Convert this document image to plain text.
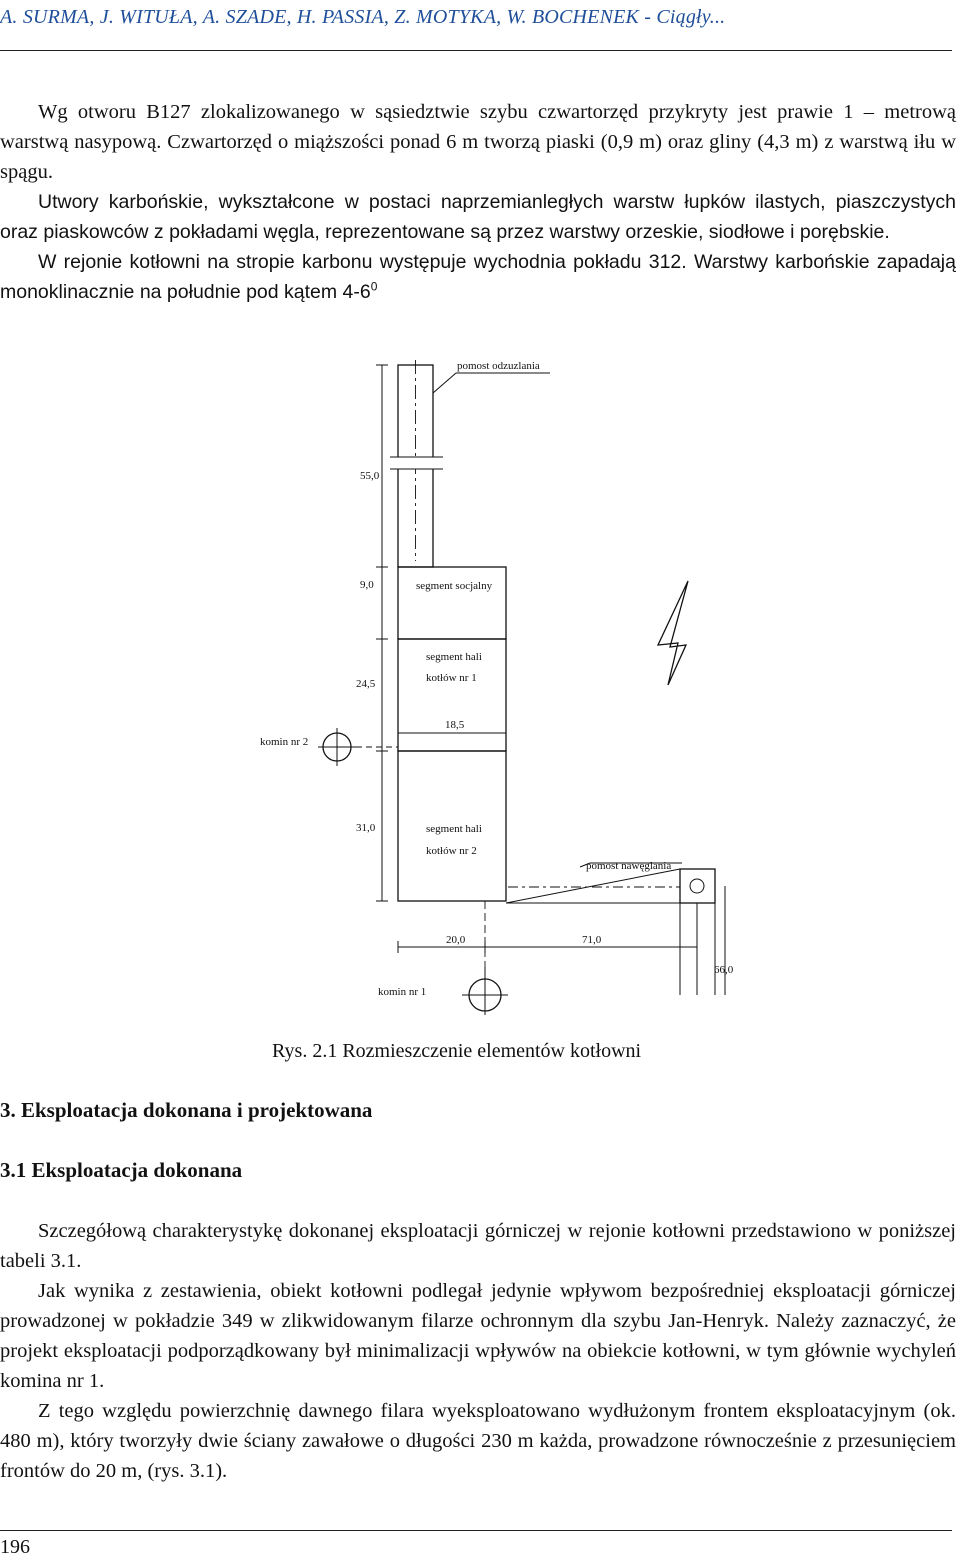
A. SURMA, J. WITUŁA, A. SZADE, H. PASSIA, Z. MOTYKA, W. BOCHENEK - Ciągły...

Wg otworu B127 zlokalizowanego w sąsiedztwie szybu czwartorzęd przykryty jest prawie 1 – metrową warstwą nasypową. Czwartorzęd o miąższości ponad 6 m tworzą piaski (0,9 m) oraz gliny (4,3 m) z warstwą iłu w spągu.

Utwory karbońskie, wykształcone w postaci naprzemianległych warstw łupków ilastych, piaszczystych oraz piaskowców z pokładami węgla, reprezentowane są przez warstwy orzeskie, siodłowe i porębskie.

W rejonie kotłowni na stropie karbonu występuje wychodnia pokładu 312. Warstwy karbońskie zapadają monoklinacznie na południe pod kątem $4-6^0$

pomost odzuzlania
55,0
9,0	segment socjalny
segment hali
kotłów nr 1
24,5
18,5
komin nr 2
31,0	segment hali
kotłów nr 2
pomost nawęglania
20,0	71,0
66,0
komin nr 1
Rys. 2.1 Rozmieszczenie elementów kotłowni
3. Eksploatacja dokonana i projektowana
3.1 Eksploatacja dokonana

Szczegółową charakterystykę dokonanej eksploatacji górniczej w rejonie kotłowni przedstawiono w poniższej tabeli 3.1.

Jak wynika z zestawienia, obiekt kotłowni podlegał jedynie wpływom bezpośredniej eksploatacji górniczej prowadzonej w pokładzie 349 w zlikwidowanym filarze ochronnym dla szybu Jan-Henryk. Należy zaznaczyć, że projekt eksploatacji podporządkowany był minimalizacji wpływów na obiekcie kotłowni, w tym głównie wychyleń komina nr 1.

Z tego względu powierzchnię dawnego filara wyeksploatowano wydłużonym frontem eksploatacyjnym (ok. 480 m), który tworzyły dwie ściany zawałowe o długości 230 m każda, prowadzone równocześnie z przesunięciem frontów do 20 m, (rys. 3.1).

196
